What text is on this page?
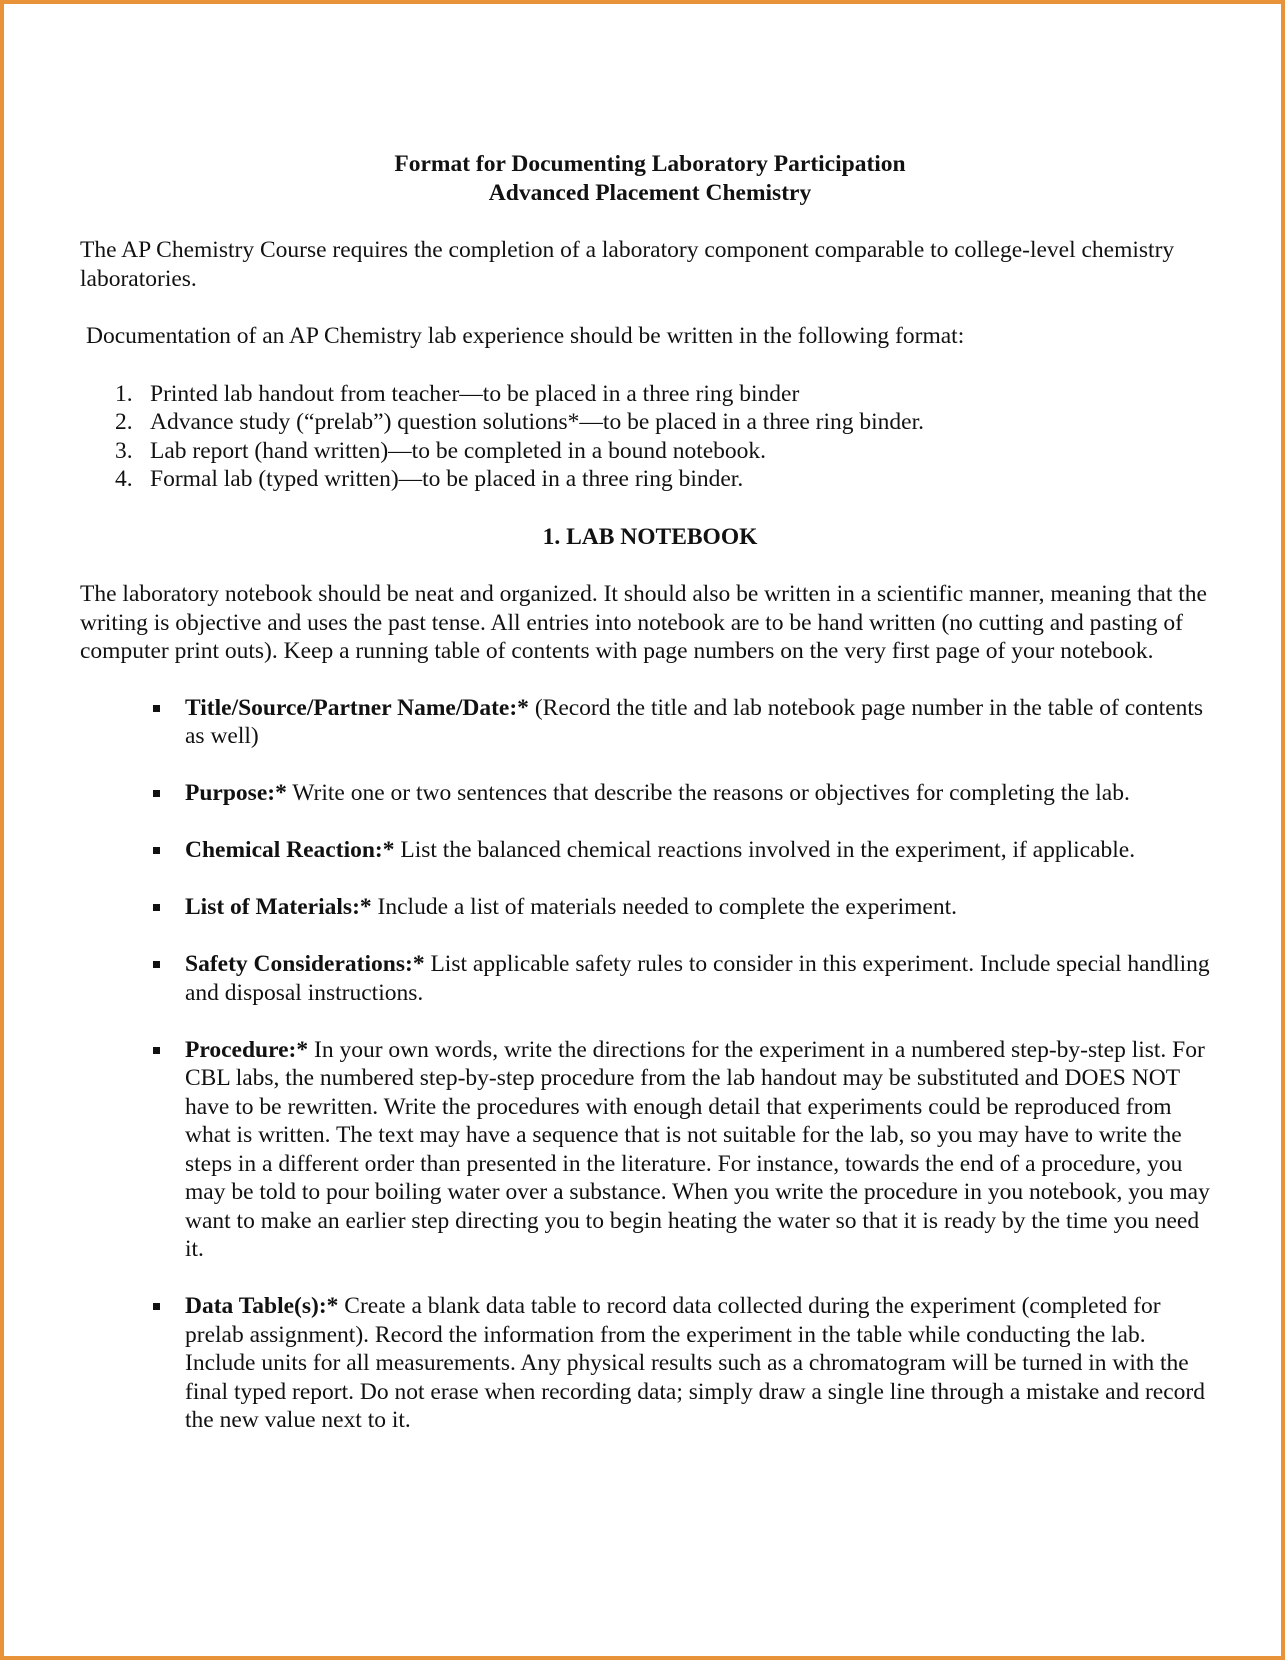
Format for Documenting Laboratory Participation
Advanced Placement Chemistry

The AP Chemistry Course requires the completion of a laboratory component comparable to college-level chemistry laboratories.

Documentation of an AP Chemistry lab experience should be written in the following format:

1. Printed lab handout from teacher—to be placed in a three ring binder
2. Advance study (“prelab”) question solutions*—to be placed in a three ring binder.
3. Lab report (hand written)—to be completed in a bound notebook.
4. Formal lab (typed written)—to be placed in a three ring binder.
1. LAB NOTEBOOK

The laboratory notebook should be neat and organized. It should also be written in a scientific manner, meaning that the writing is objective and uses the past tense. All entries into notebook are to be hand written (no cutting and pasting of computer print outs). Keep a running table of contents with page numbers on the very first page of your notebook.

Title/Source/Partner Name/Date:* (Record the title and lab notebook page number in the table of contents as well)
Purpose:* Write one or two sentences that describe the reasons or objectives for completing the lab.
Chemical Reaction:* List the balanced chemical reactions involved in the experiment, if applicable.
List of Materials:* Include a list of materials needed to complete the experiment.
Safety Considerations:* List applicable safety rules to consider in this experiment. Include special handling and disposal instructions.
Procedure:* In your own words, write the directions for the experiment in a numbered step-by-step list. For CBL labs, the numbered step-by-step procedure from the lab handout may be substituted and DOES NOT have to be rewritten. Write the procedures with enough detail that experiments could be reproduced from what is written. The text may have a sequence that is not suitable for the lab, so you may have to write the steps in a different order than presented in the literature. For instance, towards the end of a procedure, you may be told to pour boiling water over a substance. When you write the procedure in you notebook, you may want to make an earlier step directing you to begin heating the water so that it is ready by the time you need it.
Data Table(s):* Create a blank data table to record data collected during the experiment (completed for prelab assignment). Record the information from the experiment in the table while conducting the lab. Include units for all measurements. Any physical results such as a chromatogram will be turned in with the final typed report. Do not erase when recording data; simply draw a single line through a mistake and record the new value next to it.
